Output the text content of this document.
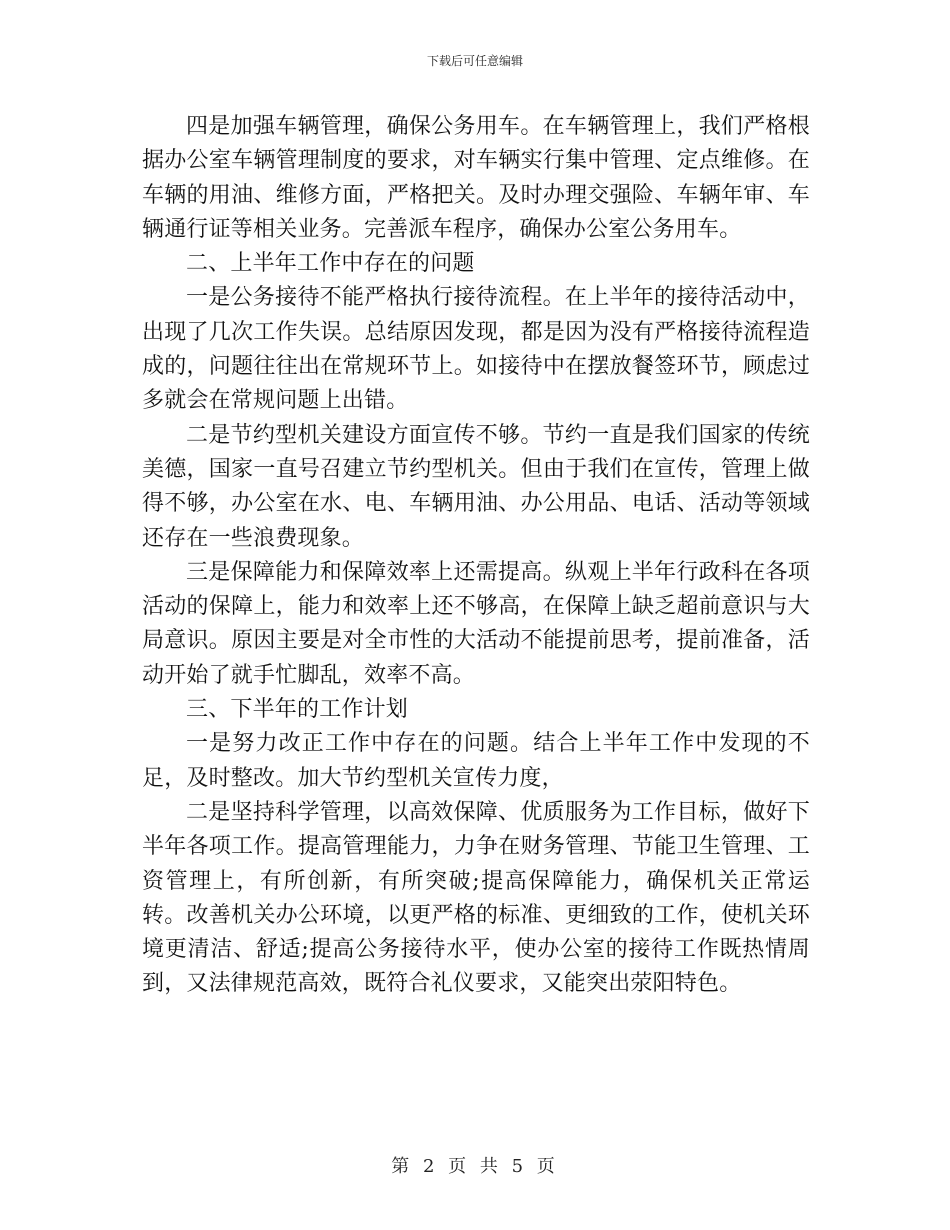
下载后可任意编辑

四是加强车辆管理，确保公务用车。在车辆管理上，我们严格根据办公室车辆管理制度的要求，对车辆实行集中管理、定点维修。在车辆的用油、维修方面，严格把关。及时办理交强险、车辆年审、车辆通行证等相关业务。完善派车程序，确保办公室公务用车。

二、上半年工作中存在的问题

一是公务接待不能严格执行接待流程。在上半年的接待活动中，出现了几次工作失误。总结原因发现，都是因为没有严格接待流程造成的，问题往往出在常规环节上。如接待中在摆放餐签环节，顾虑过多就会在常规问题上出错。

二是节约型机关建设方面宣传不够。节约一直是我们国家的传统美德，国家一直号召建立节约型机关。但由于我们在宣传，管理上做得不够，办公室在水、电、车辆用油、办公用品、电话、活动等领域还存在一些浪费现象。

三是保障能力和保障效率上还需提高。纵观上半年行政科在各项活动的保障上，能力和效率上还不够高，在保障上缺乏超前意识与大局意识。原因主要是对全市性的大活动不能提前思考，提前准备，活动开始了就手忙脚乱，效率不高。

三、下半年的工作计划

一是努力改正工作中存在的问题。结合上半年工作中发现的不足，及时整改。加大节约型机关宣传力度，

二是坚持科学管理，以高效保障、优质服务为工作目标，做好下半年各项工作。提高管理能力，力争在财务管理、节能卫生管理、工资管理上，有所创新，有所突破;提高保障能力，确保机关正常运转。改善机关办公环境，以更严格的标准、更细致的工作，使机关环境更清洁、舒适;提高公务接待水平，使办公室的接待工作既热情周到，又法律规范高效，既符合礼仪要求，又能突出荥阳特色。

第 2 页 共 5 页
